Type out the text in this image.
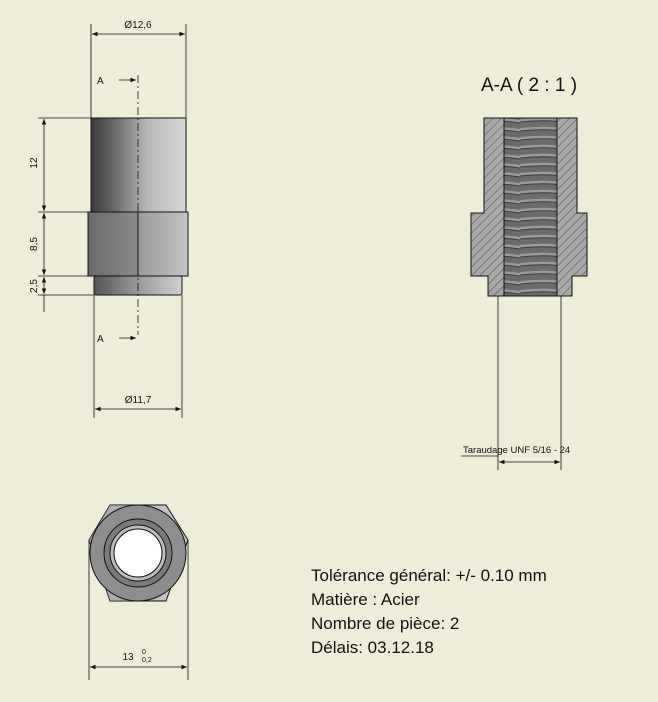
Ø12,6
A
A
12
8,5
2,5
Ø11,7
A-A ( 2 : 1 )
Taraudage UNF 5/16 - 24
13 0
0,2
Tolérance général: +/- 0.10 mm
Matière : Acier
Nombre de pièce: 2
Délais: 03.12.18
